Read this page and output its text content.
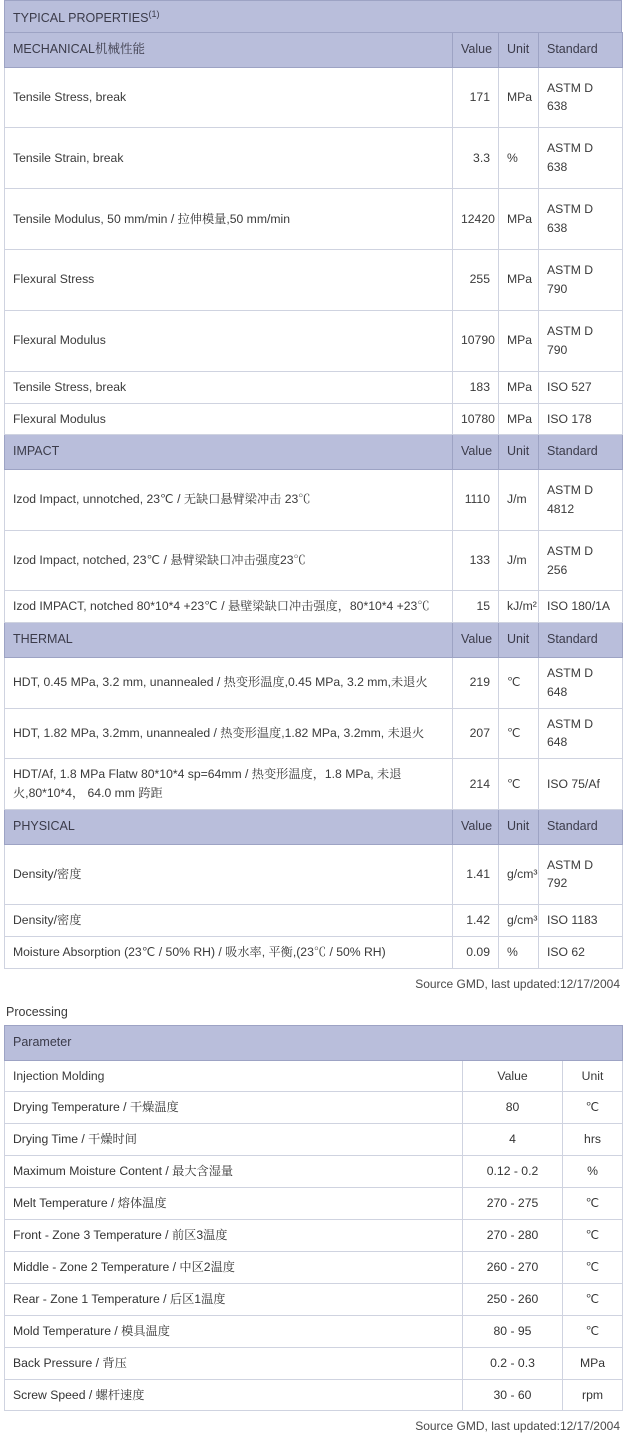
TYPICAL PROPERTIES$^{(1)}$
MECHANICAL机械性能	Value	Unit	Standard
Tensile Stress, break	171	MPa	ASTM D 638
Tensile Strain, break	3.3	%	ASTM D 638
Tensile Modulus, 50 mm/min / 拉伸模量,50 mm/min	12420	MPa	ASTM D 638
Flexural Stress	255	MPa	ASTM D 790
Flexural Modulus	10790	MPa	ASTM D 790
Tensile Stress, break	183	MPa	ISO 527
Flexural Modulus	10780	MPa	ISO 178
IMPACT	Value	Unit	Standard
Izod Impact, unnotched, 23℃ / 无缺口悬臂梁冲击 23℃	1110	J/m	ASTM D 4812
Izod Impact, notched, 23℃ / 悬臂梁缺口冲击强度23℃	133	J/m	ASTM D 256
Izod IMPACT, notched 80*10*4 +23℃ / 悬壁梁缺口冲击强度，80*10*4 +23℃	15	kJ/m²	ISO 180/1A
THERMAL	Value	Unit	Standard
HDT, 0.45 MPa, 3.2 mm, unannealed / 热变形温度,0.45 MPa, 3.2 mm,未退火	219	℃	ASTM D 648
HDT, 1.82 MPa, 3.2mm, unannealed / 热变形温度,1.82 MPa, 3.2mm, 未退火	207	℃	ASTM D 648
HDT/Af, 1.8 MPa Flatw 80*10*4 sp=64mm / 热变形温度，1.8 MPa, 未退火,80*10*4， 64.0 mm 跨距	214	℃	ISO 75/Af
PHYSICAL	Value	Unit	Standard
Density/密度	1.41	g/cm³	ASTM D 792
Density/密度	1.42	g/cm³	ISO 1183
Moisture Absorption (23℃ / 50% RH) / 吸水率, 平衡,(23℃ / 50% RH)	0.09	%	ISO 62
Source GMD, last updated:12/17/2004
Processing
Parameter		
Injection Molding	Value	Unit
Drying Temperature / 干燥温度	80	℃
Drying Time / 干燥时间	4	hrs
Maximum Moisture Content / 最大含湿量	0.12 - 0.2	%
Melt Temperature / 熔体温度	270 - 275	℃
Front - Zone 3 Temperature / 前区3温度	270 - 280	℃
Middle - Zone 2 Temperature / 中区2温度	260 - 270	℃
Rear - Zone 1 Temperature / 后区1温度	250 - 260	℃
Mold Temperature / 模具温度	80 - 95	℃
Back Pressure / 背压	0.2 - 0.3	MPa
Screw Speed / 螺杆速度	30 - 60	rpm
Source GMD, last updated:12/17/2004
